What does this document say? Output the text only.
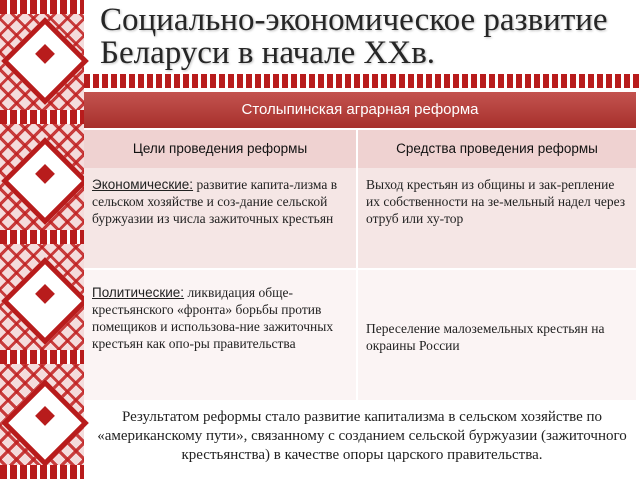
Социально-экономическое развитие Беларуси в начале XXв.
Столыпинская аграрная реформа
Цели проведения реформы	Средства проведения реформы
Экономические: развитие капита-лизма в сельском хозяйстве и соз-дание сельской буржуазии из числа зажиточных крестьян
Выход крестьян из общины и зак-репление их собственности на зе-мельный надел через отруб или ху-тор
Политические: ликвидация обще-крестьянского «фронта» борьбы против помещиков и использова-ние зажиточных крестьян как опо-ры правительства
Переселение малоземельных крестьян на окраины России
Результатом реформы стало развитие капитализма в сельском хозяйстве по «американскому пути», связанному с созданием сельской буржуазии (зажиточного крестьянства) в качестве опоры царского правительства.
